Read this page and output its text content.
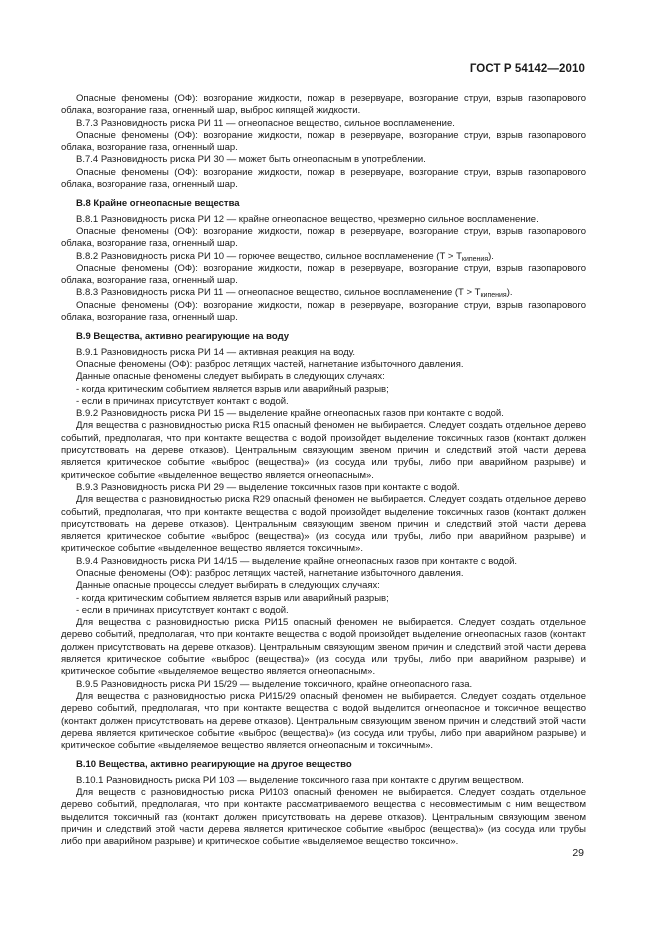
ГОСТ Р 54142—2010

Опасные феномены (ОФ): возгорание жидкости, пожар в резервуаре, возгорание струи, взрыв газопарового облака, возгорание газа, огненный шар, выброс кипящей жидкости.

В.7.3 Разновидность риска РИ 11 — огнеопасное вещество, сильное воспламенение.

Опасные феномены (ОФ): возгорание жидкости, пожар в резервуаре, возгорание струи, взрыв газопарового облака, возгорание газа, огненный шар.

В.7.4 Разновидность риска РИ 30 — может быть огнеопасным в употреблении.

Опасные феномены (ОФ): возгорание жидкости, пожар в резервуаре, возгорание струи, взрыв газопарового облака, возгорание газа, огненный шар.

В.8 Крайне огнеопасные вещества

В.8.1 Разновидность риска РИ 12 — крайне огнеопасное вещество, чрезмерно сильное воспламенение.

Опасные феномены (ОФ): возгорание жидкости, пожар в резервуаре, возгорание струи, взрыв газопарового облака, возгорание газа, огненный шар.

В.8.2 Разновидность риска РИ 10 — горючее вещество, сильное воспламенение $(Т > Т_{кипения})$.

Опасные феномены (ОФ): возгорание жидкости, пожар в резервуаре, возгорание струи, взрыв газопарового облака, возгорание газа, огненный шар.

В.8.3 Разновидность риска РИ 11 — огнеопасное вещество, сильное воспламенение $(Т > Т_{кипения})$.

Опасные феномены (ОФ): возгорание жидкости, пожар в резервуаре, возгорание струи, взрыв газопарового облака, возгорание газа, огненный шар.

В.9 Вещества, активно реагирующие на воду

В.9.1 Разновидность риска РИ 14 — активная реакция на воду.

Опасные феномены (ОФ): разброс летящих частей, нагнетание избыточного давления.

Данные опасные феномены следует выбирать в следующих случаях:

- когда критическим событием является взрыв или аварийный разрыв;

- если в причинах присутствует контакт с водой.

В.9.2 Разновидность риска РИ 15 — выделение крайне огнеопасных газов при контакте с водой.

Для вещества с разновидностью риска R15 опасный феномен не выбирается. Следует создать отдельное дерево событий, предполагая, что при контакте вещества с водой произойдет выделение токсичных газов (контакт должен присутствовать на дереве отказов). Центральным связующим звеном причин и следствий этой части дерева является критическое событие «выброс (вещества)» (из сосуда или трубы, либо при аварийном разрыве) и критическое событие «выделенное вещество является огнеопасным».

В.9.3 Разновидность риска РИ 29 — выделение токсичных газов при контакте с водой.

Для вещества с разновидностью риска R29 опасный феномен не выбирается. Следует создать отдельное дерево событий, предполагая, что при контакте вещества с водой произойдет выделение токсичных газов (контакт должен присутствовать на дереве отказов). Центральным связующим звеном причин и следствий этой части дерева является критическое событие «выброс (вещества)» (из сосуда или трубы, либо при аварийном разрыве) и критическое событие «выделенное вещество является токсичным».

В.9.4 Разновидность риска РИ 14/15 — выделение крайне огнеопасных газов при контакте с водой.

Опасные феномены (ОФ): разброс летящих частей, нагнетание избыточного давления.

Данные опасные процессы следует выбирать в следующих случаях:

- когда критическим событием является взрыв или аварийный разрыв;

- если в причинах присутствует контакт с водой.

Для вещества с разновидностью риска РИ15 опасный феномен не выбирается. Следует создать отдельное дерево событий, предполагая, что при контакте вещества с водой произойдет выделение огнеопасных газов (контакт должен присутствовать на дереве отказов). Центральным связующим звеном причин и следствий этой части дерева является критическое событие «выброс (вещества)» (из сосуда или трубы, либо при аварийном разрыве) и критическое событие «выделяемое вещество является огнеопасным».

В.9.5 Разновидность риска РИ 15/29 — выделение токсичного, крайне огнеопасного газа.

Для вещества с разновидностью риска РИ15/29 опасный феномен не выбирается. Следует создать отдельное дерево событий, предполагая, что при контакте вещества с водой выделится огнеопасное и токсичное вещество (контакт должен присутствовать на дереве отказов). Центральным связующим звеном причин и следствий этой части дерева является критическое событие «выброс (вещества)» (из сосуда или трубы, либо при аварийном разрыве) и критическое событие «выделяемое вещество является огнеопасным и токсичным».

В.10 Вещества, активно реагирующие на другое вещество

В.10.1 Разновидность риска РИ 103 — выделение токсичного газа при контакте с другим веществом.

Для веществ с разновидностью риска РИ103 опасный феномен не выбирается. Следует создать отдельное дерево событий, предполагая, что при контакте рассматриваемого вещества с несовместимым с ним веществом выделится токсичный газ (контакт должен присутствовать на дереве отказов). Центральным связующим звеном причин и следствий этой части дерева является критическое событие «выброс (вещества)» (из сосуда или трубы либо при аварийном разрыве) и критическое событие «выделяемое вещество токсично».

29
